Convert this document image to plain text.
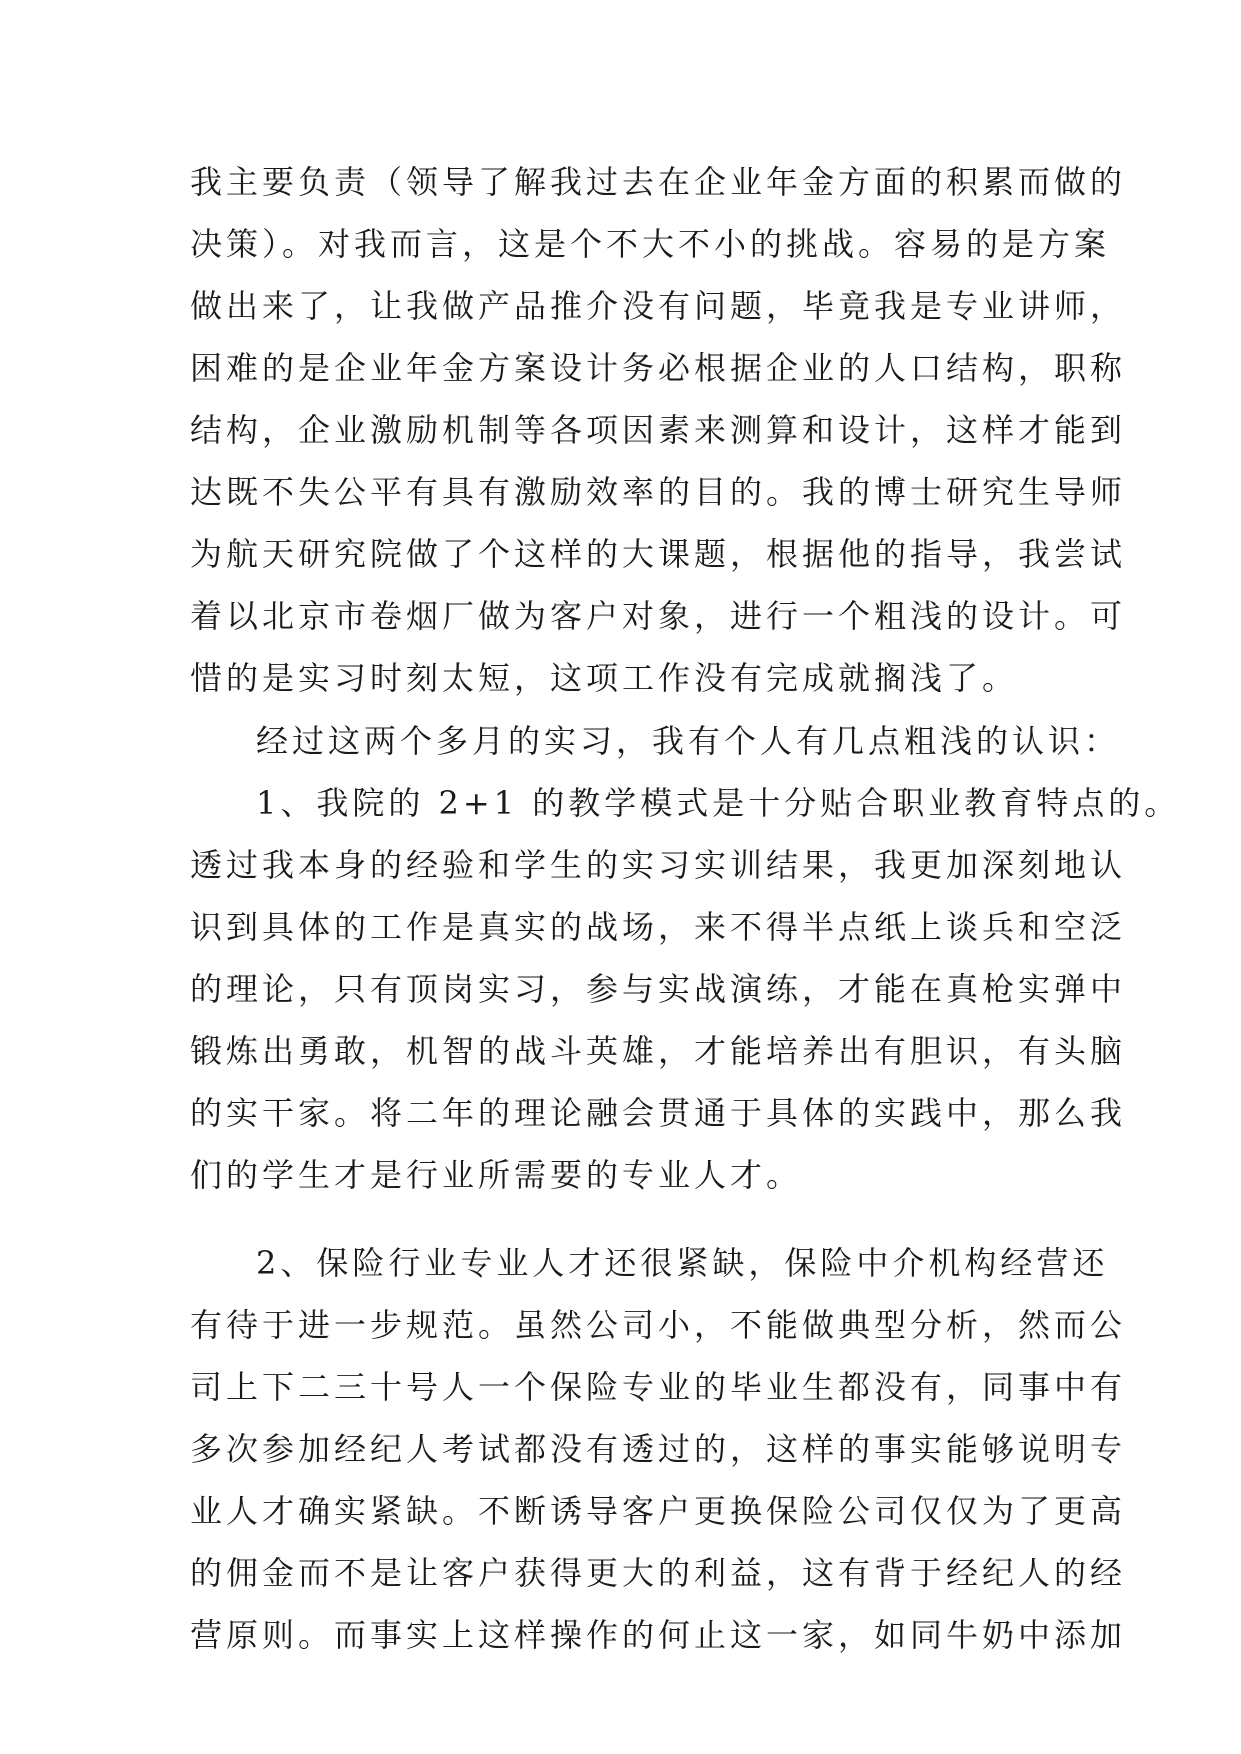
我主要负责（领导了解我过去在企业年金方面的积累而做的
决策）。对我而言，这是个不大不小的挑战。容易的是方案
做出来了，让我做产品推介没有问题，毕竟我是专业讲师，
困难的是企业年金方案设计务必根据企业的人口结构，职称
结构，企业激励机制等各项因素来测算和设计，这样才能到
达既不失公平有具有激励效率的目的。我的博士研究生导师
为航天研究院做了个这样的大课题，根据他的指导，我尝试
着以北京市卷烟厂做为客户对象，进行一个粗浅的设计。可
惜的是实习时刻太短，这项工作没有完成就搁浅了。
经过这两个多月的实习，我有个人有几点粗浅的认识：
1、我院的 2+1 的教学模式是十分贴合职业教育特点的。
透过我本身的经验和学生的实习实训结果，我更加深刻地认
识到具体的工作是真实的战场，来不得半点纸上谈兵和空泛
的理论，只有顶岗实习，参与实战演练，才能在真枪实弹中
锻炼出勇敢，机智的战斗英雄，才能培养出有胆识，有头脑
的实干家。将二年的理论融会贯通于具体的实践中，那么我
们的学生才是行业所需要的专业人才。
2、保险行业专业人才还很紧缺，保险中介机构经营还
有待于进一步规范。虽然公司小，不能做典型分析，然而公
司上下二三十号人一个保险专业的毕业生都没有，同事中有
多次参加经纪人考试都没有透过的，这样的事实能够说明专
业人才确实紧缺。不断诱导客户更换保险公司仅仅为了更高
的佣金而不是让客户获得更大的利益，这有背于经纪人的经
营原则。而事实上这样操作的何止这一家，如同牛奶中添加
